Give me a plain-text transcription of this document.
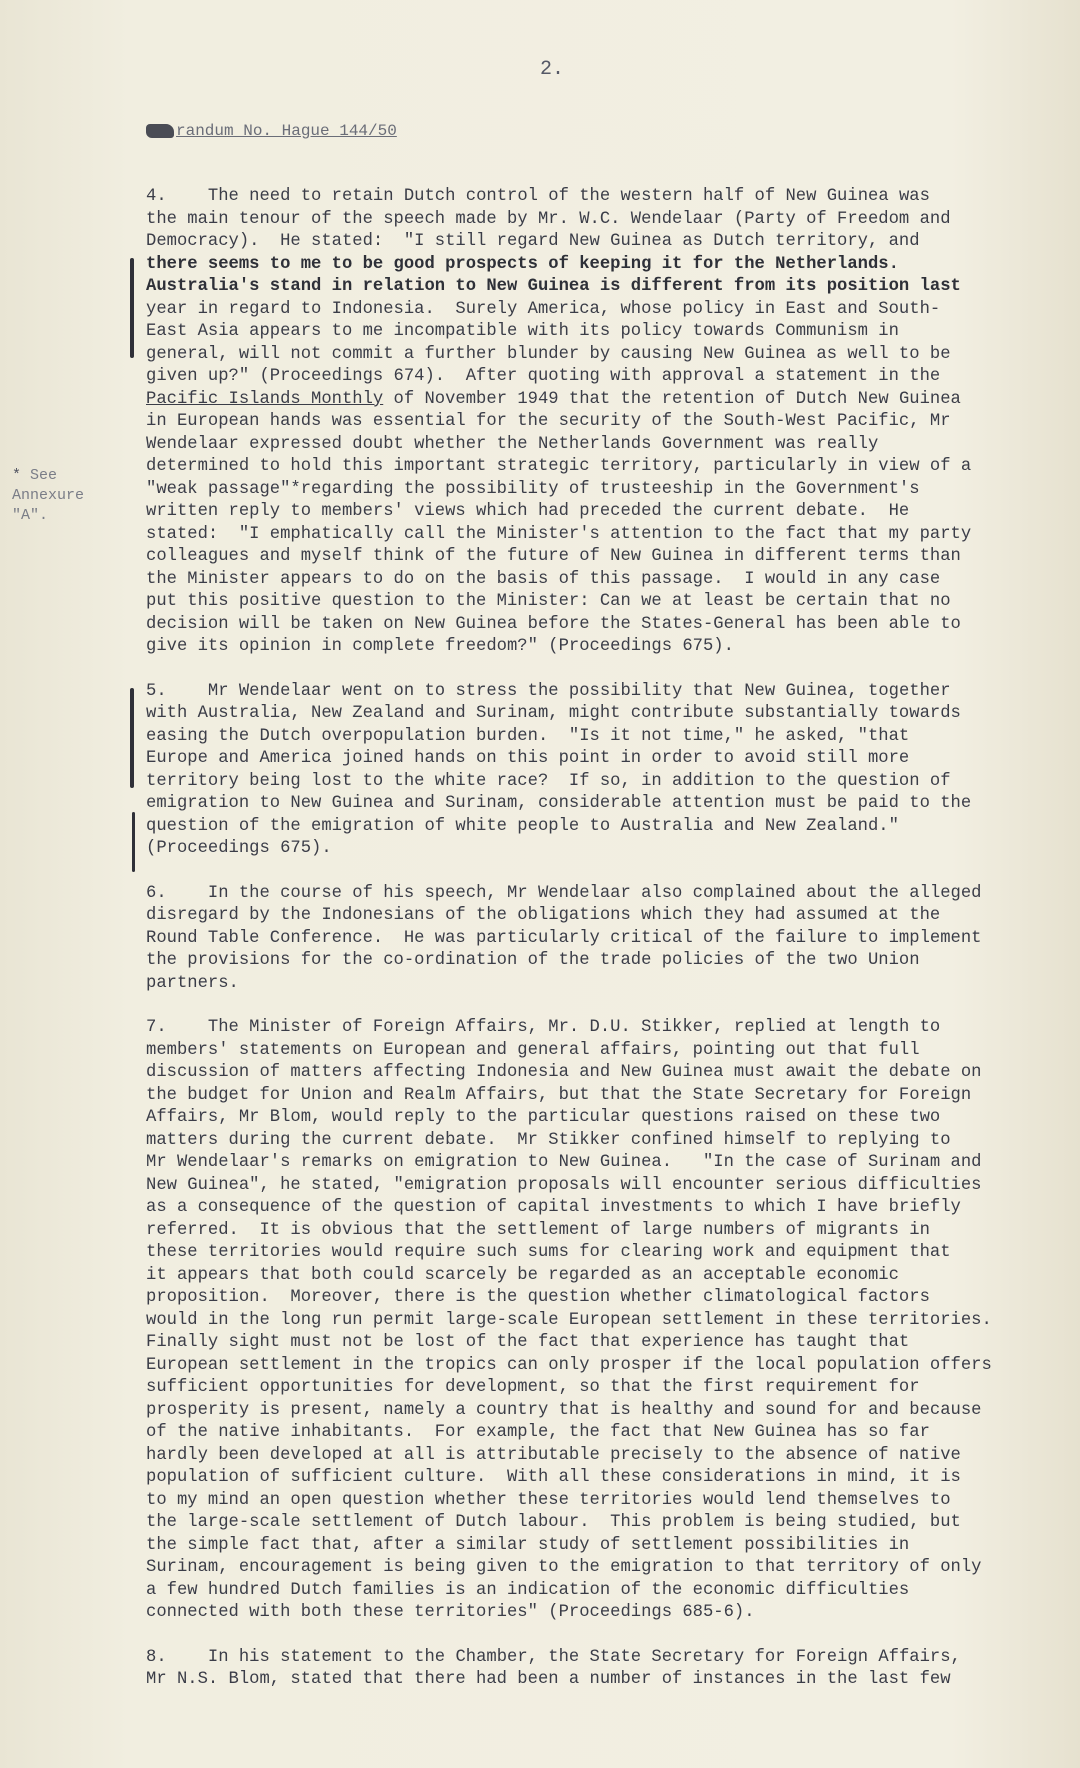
2.
randum No. Hague 144/50
* See
Annexure
"A".
4.    The need to retain Dutch control of the western half of New Guinea was
the main tenour of the speech made by Mr. W.C. Wendelaar (Party of Freedom and
Democracy).  He stated:  "I still regard New Guinea as Dutch territory, and
there seems to me to be good prospects of keeping it for the Netherlands.
Australia's stand in relation to New Guinea is different from its position last
year in regard to Indonesia.  Surely America, whose policy in East and South-
East Asia appears to me incompatible with its policy towards Communism in
general, will not commit a further blunder by causing New Guinea as well to be
given up?" (Proceedings 674).  After quoting with approval a statement in the
Pacific Islands Monthly of November 1949 that the retention of Dutch New Guinea
in European hands was essential for the security of the South-West Pacific, Mr
Wendelaar expressed doubt whether the Netherlands Government was really
determined to hold this important strategic territory, particularly in view of a
"weak passage"*regarding the possibility of trusteeship in the Government's
written reply to members' views which had preceded the current debate.  He
stated:  "I emphatically call the Minister's attention to the fact that my party
colleagues and myself think of the future of New Guinea in different terms than
the Minister appears to do on the basis of this passage.  I would in any case
put this positive question to the Minister: Can we at least be certain that no
decision will be taken on New Guinea before the States-General has been able to
give its opinion in complete freedom?" (Proceedings 675).
5.    Mr Wendelaar went on to stress the possibility that New Guinea, together
with Australia, New Zealand and Surinam, might contribute substantially towards
easing the Dutch overpopulation burden.  "Is it not time," he asked, "that
Europe and America joined hands on this point in order to avoid still more
territory being lost to the white race?  If so, in addition to the question of
emigration to New Guinea and Surinam, considerable attention must be paid to the
question of the emigration of white people to Australia and New Zealand."
(Proceedings 675).
6.    In the course of his speech, Mr Wendelaar also complained about the alleged
disregard by the Indonesians of the obligations which they had assumed at the
Round Table Conference.  He was particularly critical of the failure to implement
the provisions for the co-ordination of the trade policies of the two Union
partners.
7.    The Minister of Foreign Affairs, Mr. D.U. Stikker, replied at length to
members' statements on European and general affairs, pointing out that full
discussion of matters affecting Indonesia and New Guinea must await the debate on
the budget for Union and Realm Affairs, but that the State Secretary for Foreign
Affairs, Mr Blom, would reply to the particular questions raised on these two
matters during the current debate.  Mr Stikker confined himself to replying to
Mr Wendelaar's remarks on emigration to New Guinea.   "In the case of Surinam and
New Guinea", he stated, "emigration proposals will encounter serious difficulties
as a consequence of the question of capital investments to which I have briefly
referred.  It is obvious that the settlement of large numbers of migrants in
these territories would require such sums for clearing work and equipment that
it appears that both could scarcely be regarded as an acceptable economic
proposition.  Moreover, there is the question whether climatological factors
would in the long run permit large-scale European settlement in these territories.
Finally sight must not be lost of the fact that experience has taught that
European settlement in the tropics can only prosper if the local population offers
sufficient opportunities for development, so that the first requirement for
prosperity is present, namely a country that is healthy and sound for and because
of the native inhabitants.  For example, the fact that New Guinea has so far
hardly been developed at all is attributable precisely to the absence of native
population of sufficient culture.  With all these considerations in mind, it is
to my mind an open question whether these territories would lend themselves to
the large-scale settlement of Dutch labour.  This problem is being studied, but
the simple fact that, after a similar study of settlement possibilities in
Surinam, encouragement is being given to the emigration to that territory of only
a few hundred Dutch families is an indication of the economic difficulties
connected with both these territories" (Proceedings 685-6).
8.    In his statement to the Chamber, the State Secretary for Foreign Affairs,
Mr N.S. Blom, stated that there had been a number of instances in the last few
